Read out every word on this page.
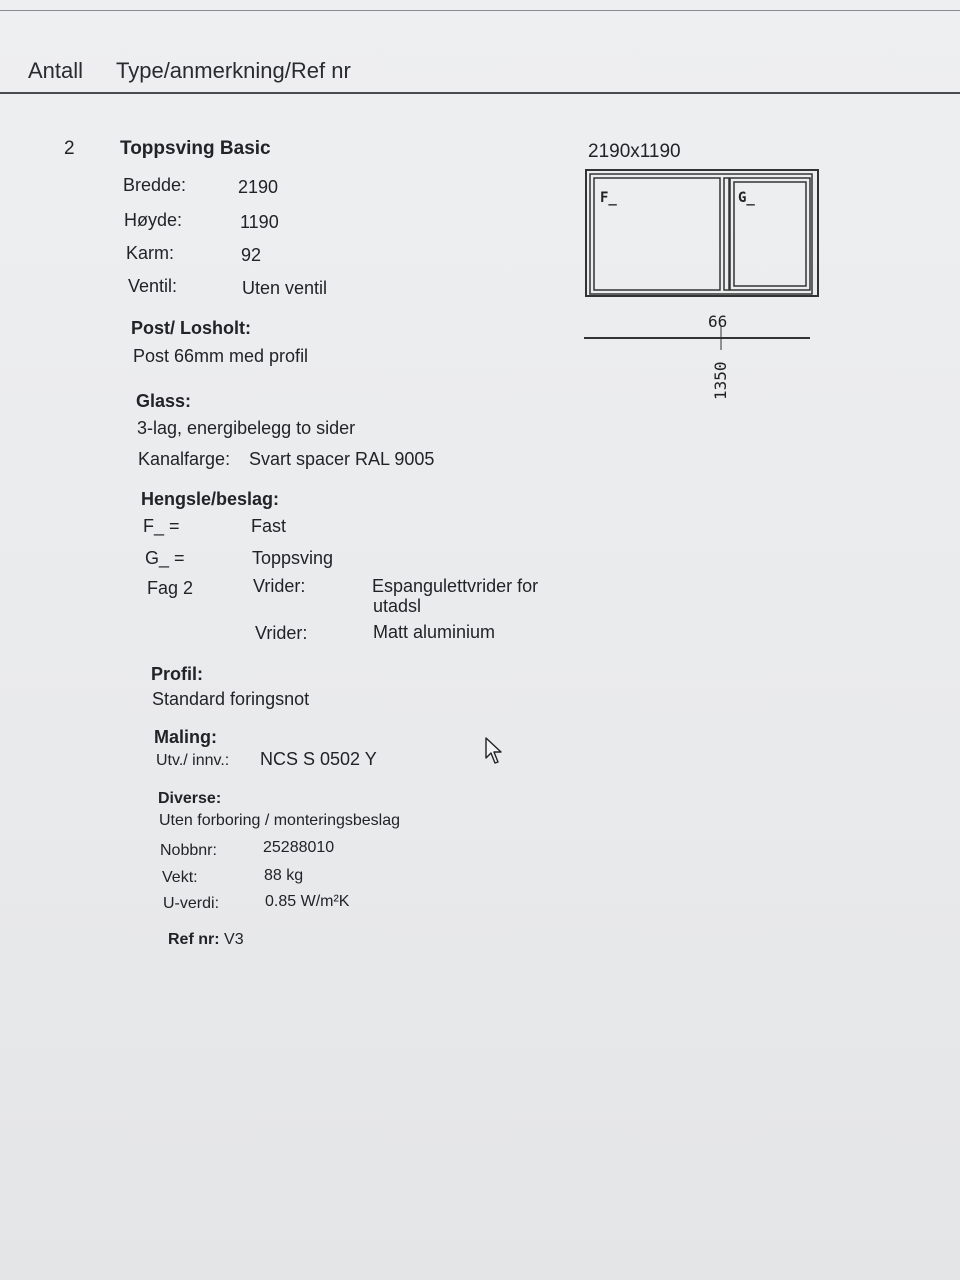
Antall Type/anmerkning/Ref nr
2 Toppsving Basic
Bredde:	2190
Høyde:	1190
Karm:	92
Ventil:	Uten ventil
Post/ Losholt:
Post 66mm med profil
Glass:
3-lag, energibelegg to sider
Kanalfarge: Svart spacer RAL 9005
Hengsle/beslag:
F_ =	Fast
G_ =	Toppsving
Fag 2	Vrider:	Espangulettvrider for
utadsl
Vrider:	Matt aluminium
Profil:
Standard foringsnot
Maling:
Utv./ innv.: NCS S 0502 Y
Diverse:
Uten forboring / monteringsbeslag
Nobbnr:	25288010
Vekt:	88 kg
U-verdi:	0.85 W/m²K
Ref nr: V3
2190x1190
F_	G_
66
1350
